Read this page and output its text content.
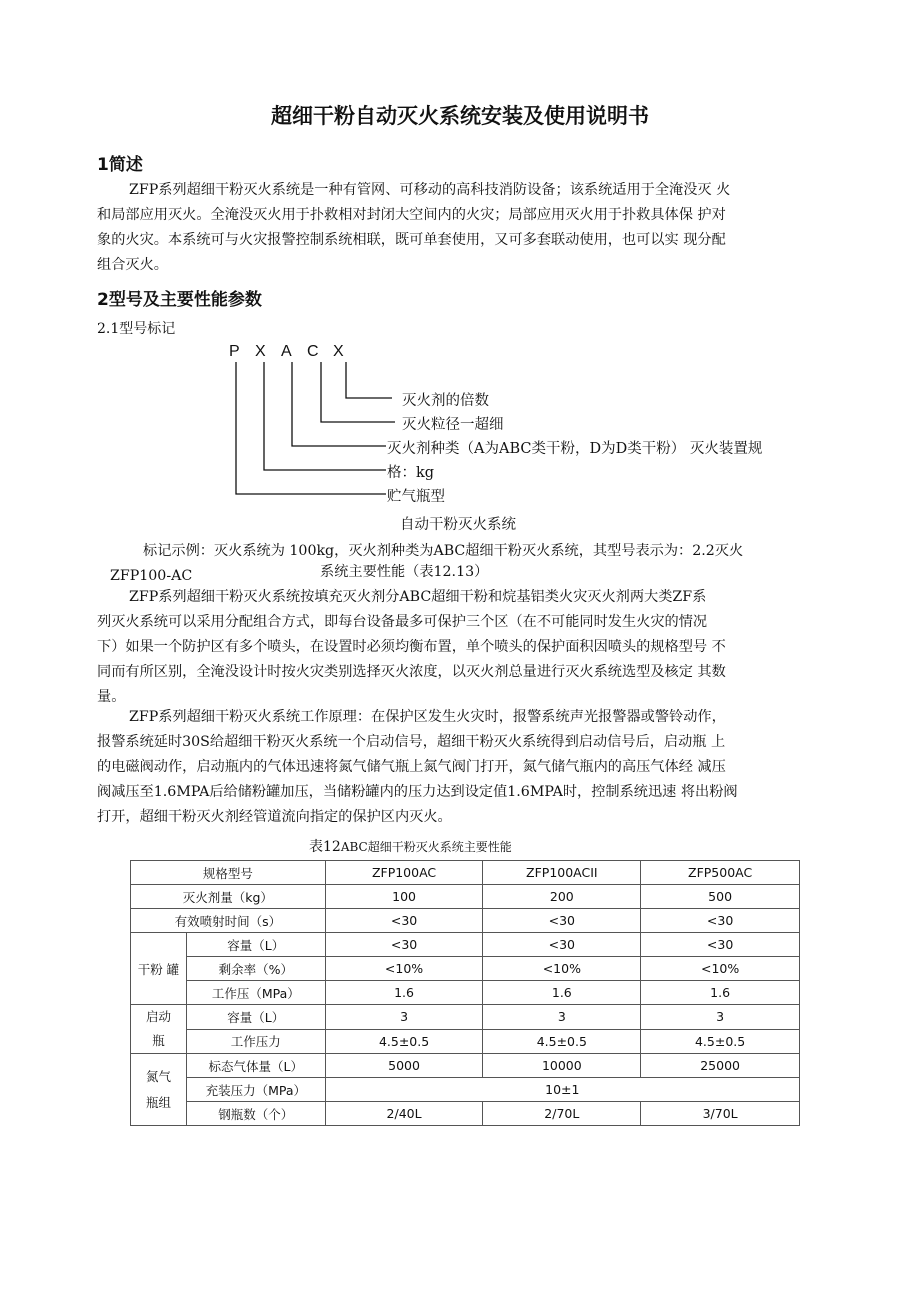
超细干粉自动灭火系统安装及使用说明书
1简述
ZFP系列超细干粉灭火系统是一种有管网、可移动的高科技消防设备；该系统适用于全淹没灭 火
和局部应用灭火。全淹没灭火用于扑救相对封闭大空间内的火灾；局部应用灭火用于扑救具体保 护对
象的火灾。本系统可与火灾报警控制系统相联，既可单套使用，又可多套联动使用，也可以实 现分配
组合灭火。
2型号及主要性能参数
2.1型号标记
P X A C X
灭火剂的倍数
灭火粒径一超细
灭火剂种类（A为ABC类干粉，D为D类干粉） 灭火装置规
格：kg
贮气瓶型
自动干粉灭火系统
标记示例：灭火系统为 100kg，灭火剂种类为ABC超细干粉灭火系统，其型号表示为：2.2灭火
ZFP100-AC	系统主要性能（表12.13）
ZFP系列超细干粉灭火系统按填充灭火剂分ABC超细干粉和烷基铝类火灾灭火剂两大类ZF系
列灭火系统可以采用分配组合方式，即每台设备最多可保护三个区（在不可能同时发生火灾的情况
下）如果一个防护区有多个喷头，在设置时必须均衡布置，单个喷头的保护面积因喷头的规格型号 不
同而有所区别，全淹没设计时按火灾类别选择灭火浓度，以灭火剂总量进行灭火系统选型及核定 其数
量。
ZFP系列超细干粉灭火系统工作原理：在保护区发生火灾时，报警系统声光报警器或警铃动作，
报警系统延时30S给超细干粉灭火系统一个启动信号，超细干粉灭火系统得到启动信号后，启动瓶 上
的电磁阀动作，启动瓶内的气体迅速将氮气储气瓶上氮气阀门打开，氮气储气瓶内的高压气体经 减压
阀减压至1.6MPA后给储粉罐加压，当储粉罐内的压力达到设定值1.6MPA时，控制系统迅速 将出粉阀
打开，超细干粉灭火剂经管道流向指定的保护区内灭火。
表12ABC超细干粉灭火系统主要性能
规格型号		ZFP100AC	ZFP100ACII	ZFP500AC
灭火剂量（kg）		100	200	500
有效喷射时间（s）		<30	<30	<30
干粉 罐	容量（L）	<30	<30	<30
	剩余率（%）	<10%	<10%	<10%
	工作压（MPa）	1.6	1.6	1.6

启动
瓶	容量（L）	3	3	3
	工作压力	4.5±0.5	4.5±0.5	4.5±0.5

氮气
瓶组	标态气体量（L）	5000	10000	25000
	充装压力（MPa）	10±1		
	钢瓶数（个）	2/40L	2/70L	3/70L
